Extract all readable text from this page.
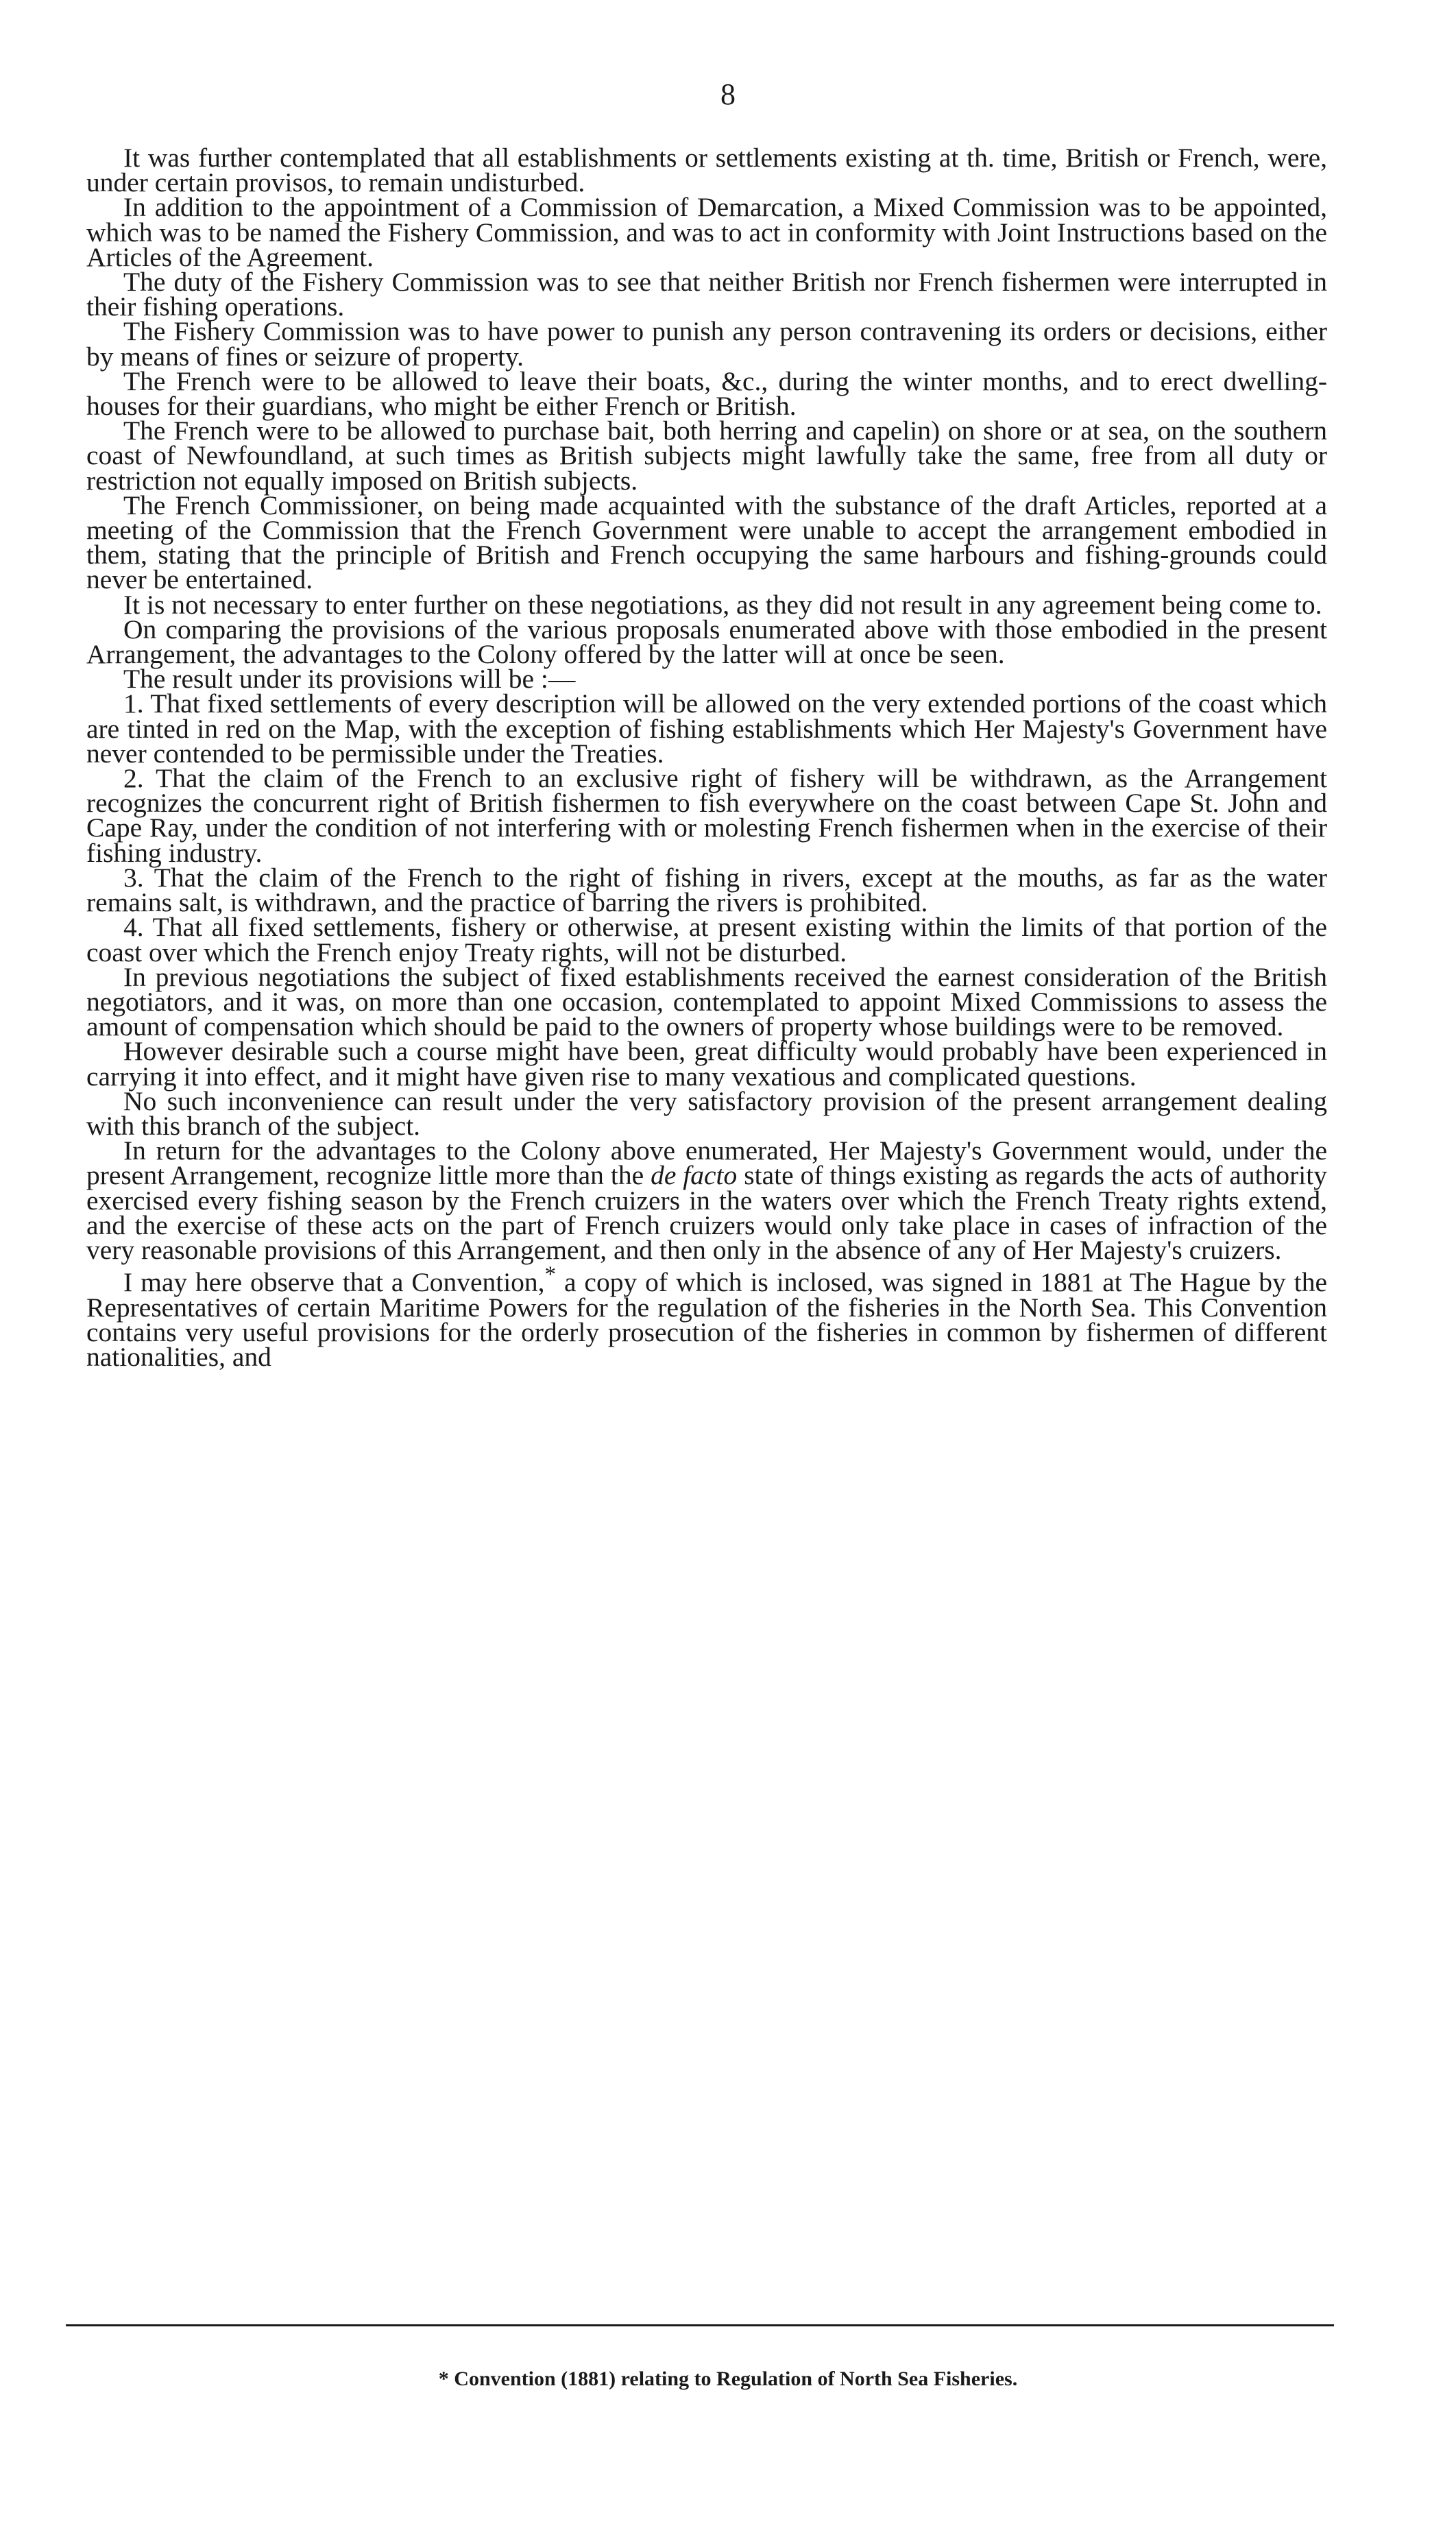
8

It was further contemplated that all establishments or settlements existing at th. time, British or French, were, under certain provisos, to remain undisturbed.

In addition to the appointment of a Commission of Demarcation, a Mixed Commission was to be appointed, which was to be named the Fishery Commission, and was to act in conformity with Joint Instructions based on the Articles of the Agreement.

The duty of the Fishery Commission was to see that neither British nor French fishermen were interrupted in their fishing operations.

The Fishery Commission was to have power to punish any person contravening its orders or decisions, either by means of fines or seizure of property.

The French were to be allowed to leave their boats, &c., during the winter months, and to erect dwelling-houses for their guardians, who might be either French or British.

The French were to be allowed to purchase bait, both herring and capelin) on shore or at sea, on the southern coast of Newfoundland, at such times as British subjects might lawfully take the same, free from all duty or restriction not equally imposed on British subjects.

The French Commissioner, on being made acquainted with the substance of the draft Articles, reported at a meeting of the Commission that the French Government were unable to accept the arrangement embodied in them, stating that the principle of British and French occupying the same harbours and fishing-grounds could never be entertained.

It is not necessary to enter further on these negotiations, as they did not result in any agreement being come to.

On comparing the provisions of the various proposals enumerated above with those embodied in the present Arrangement, the advantages to the Colony offered by the latter will at once be seen.

The result under its provisions will be :—

1. That fixed settlements of every description will be allowed on the very extended portions of the coast which are tinted in red on the Map, with the exception of fishing establishments which Her Majesty's Government have never contended to be permissible under the Treaties.

2. That the claim of the French to an exclusive right of fishery will be withdrawn, as the Arrangement recognizes the concurrent right of British fishermen to fish everywhere on the coast between Cape St. John and Cape Ray, under the condition of not interfering with or molesting French fishermen when in the exercise of their fishing industry.

3. That the claim of the French to the right of fishing in rivers, except at the mouths, as far as the water remains salt, is withdrawn, and the practice of barring the rivers is prohibited.

4. That all fixed settlements, fishery or otherwise, at present existing within the limits of that portion of the coast over which the French enjoy Treaty rights, will not be disturbed.

In previous negotiations the subject of fixed establishments received the earnest consideration of the British negotiators, and it was, on more than one occasion, contemplated to appoint Mixed Commissions to assess the amount of compensation which should be paid to the owners of property whose buildings were to be removed.

However desirable such a course might have been, great difficulty would probably have been experienced in carrying it into effect, and it might have given rise to many vexatious and complicated questions.

No such inconvenience can result under the very satisfactory provision of the present arrangement dealing with this branch of the subject.

In return for the advantages to the Colony above enumerated, Her Majesty's Government would, under the present Arrangement, recognize little more than the de facto state of things existing as regards the acts of authority exercised every fishing season by the French cruizers in the waters over which the French Treaty rights extend, and the exercise of these acts on the part of French cruizers would only take place in cases of infraction of the very reasonable provisions of this Arrangement, and then only in the absence of any of Her Majesty's cruizers.

I may here observe that a Convention,* a copy of which is inclosed, was signed in 1881 at The Hague by the Representatives of certain Maritime Powers for the regulation of the fisheries in the North Sea. This Convention contains very useful provisions for the orderly prosecution of the fisheries in common by fishermen of different nationalities, and

* Convention (1881) relating to Regulation of North Sea Fisheries.
